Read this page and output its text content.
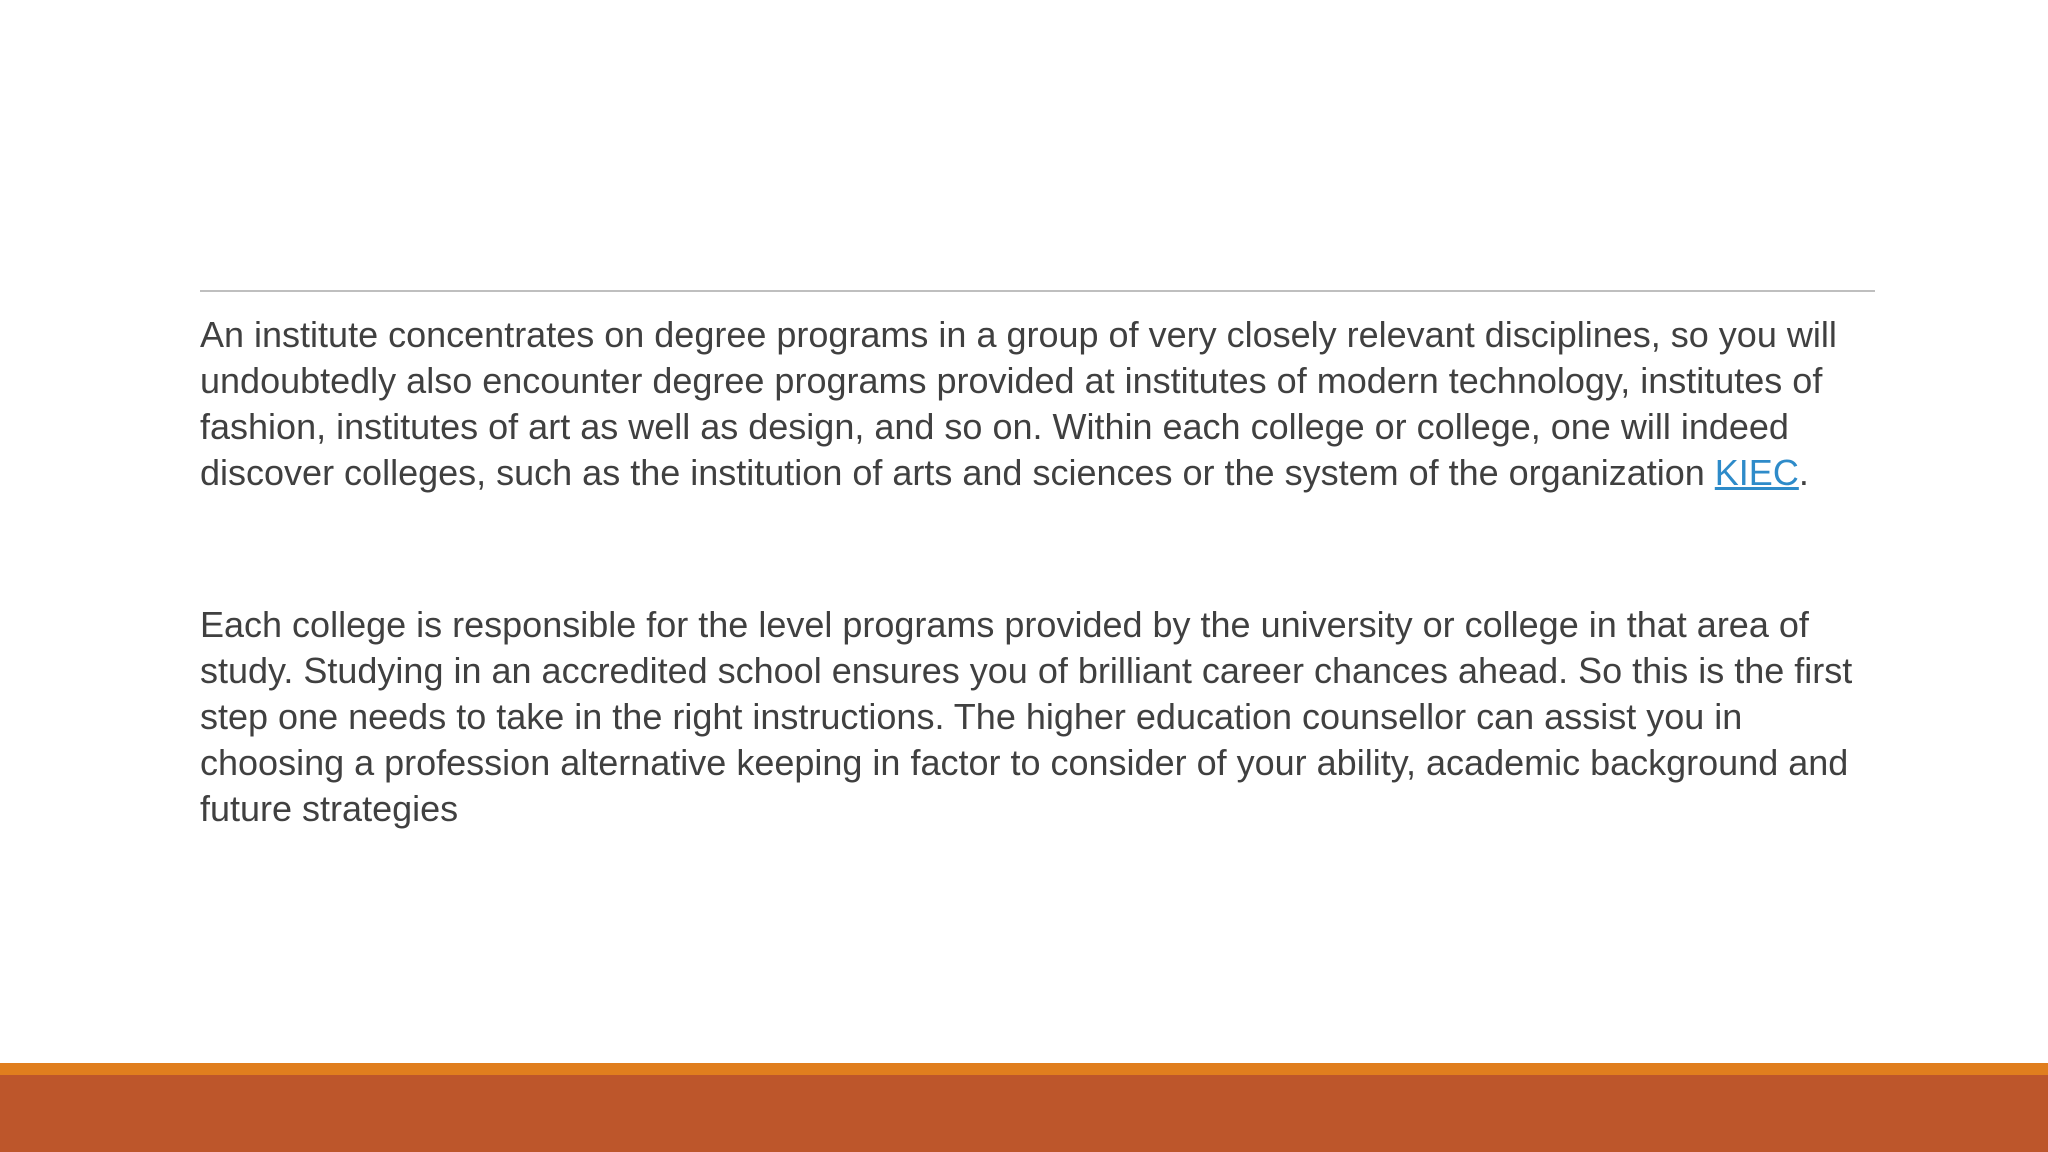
An institute concentrates on degree programs in a group of very closely relevant disciplines, so you will undoubtedly also encounter degree programs provided at institutes of modern technology, institutes of fashion, institutes of art as well as design, and so on. Within each college or college, one will indeed discover colleges, such as the institution of arts and sciences or the system of the organization KIEC.

Each college is responsible for the level programs provided by the university or college in that area of study. Studying in an accredited school ensures you of brilliant career chances ahead. So this is the first step one needs to take in the right instructions. The higher education counsellor can assist you in choosing a profession alternative keeping in factor to consider of your ability, academic background and future strategies
